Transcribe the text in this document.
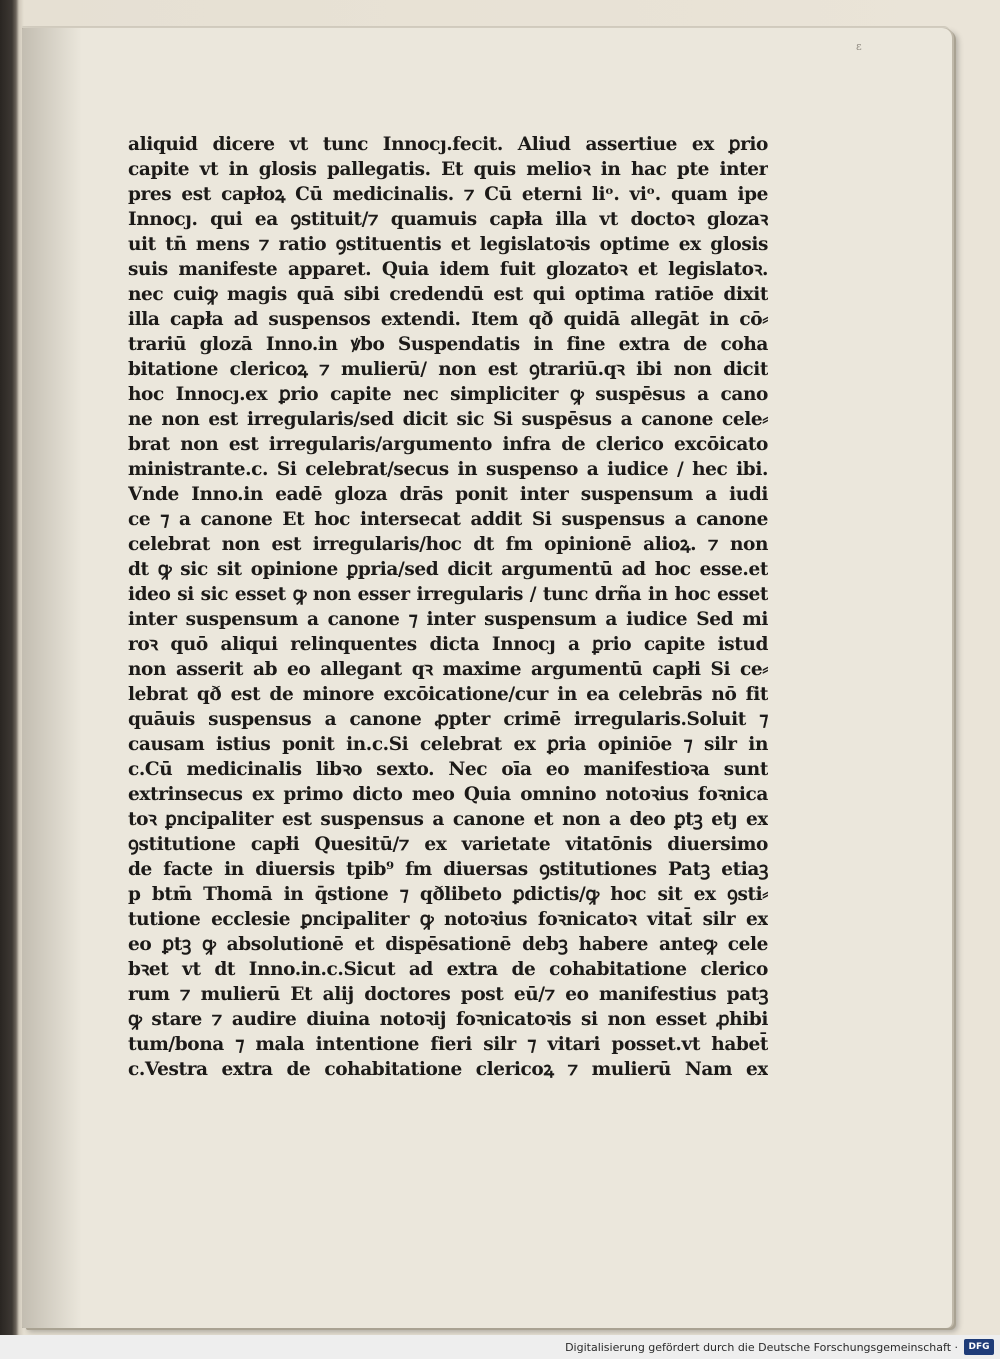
ε
aliquid dicere vt tunc Innocȷ.fecit. Aliud assertiue ex ꝑrio
capite vt in glosis pallegatis. Et quis melioꝛ in hac pte inter
pres est capłoꝝ Cū medicinalis. ⁊ Cū eterni liᵒ. viᵒ. quam ipe
Innocȷ. qui ea ꝯstituit/⁊ quamuis capła illa vt doctoꝛ glozaꝛ
uit tn̄ mens ⁊ ratio ꝯstituentis et legislatoꝛis optime ex glosis
suis manifeste apparet. Quia idem fuit glozatoꝛ et legislatoꝛ.
nec cuiꝙ magis quā sibi credendū est qui optima ratiōe dixit
illa capła ad suspensos extendi. Item qð quidā allegāt in cō⸗
trariū glozā Inno.in ꝟbo Suspendatis in fine extra de coha
bitatione clericoꝝ ⁊ mulierū/ non est ꝯtrariū.qꝛ ibi non dicit
hoc Innocȷ.ex ꝑrio capite nec simpliciter ꝙ suspēsus a cano
ne non est irregularis/sed dicit sic Si suspēsus a canone cele⸗
brat non est irregularis/argumento infra de clerico excōicato
ministrante.c. Si celebrat/secus in suspenso a iudice / hec ibi.
Vnde Inno.in eadē gloza drās ponit inter suspensum a iudi
ce ⁊ a canone Et hoc intersecat addit Si suspensus a canone
celebrat non est irregularis/hoc dt fm opinionē alioꝝ. ⁊ non
dt ꝙ sic sit opinione ꝑpria/sed dicit argumentū ad hoc esse.et
ideo si sic esset ꝙ non esser irregularis / tunc drña in hoc esset
inter suspensum a canone ⁊ inter suspensum a iudice Sed mi
roꝛ quō aliqui relinquentes dicta Innocȷ a ꝑrio capite istud
non asserit ab eo allegant qꝛ maxime argumentū capłi Si ce⸗
lebrat qð est de minore excōicatione/cur in ea celebrās nō fit
quāuis suspensus a canone ꝓpter crimē irregularis.Soluit ⁊
causam istius ponit in.c.Si celebrat ex ꝑria opiniōe ⁊ silr in
c.Cū medicinalis libꝛo sexto. Nec oīa eo manifestioꝛa sunt
extrinsecus ex primo dicto meo Quia omnino notoꝛius foꝛnica
toꝛ ꝑncipaliter est suspensus a canone et non a deo ꝑtꝫ etȷ ex
ꝯstitutione capłi Quesitū/⁊ ex varietate vitatōnis diuersimo
de facte in diuersis tpib⁹ fm diuersas ꝯstitutiones Patꝫ etiaꝫ
p btm̄ Thomā in q̄stione ⁊ qðlibeto ꝑdictis/ꝙ hoc sit ex ꝯsti⸗
tutione ecclesie ꝑncipaliter ꝙ notoꝛius foꝛnicatoꝛ vitat̄ silr ex
eo ꝑtꝫ ꝙ absolutionē et dispēsationē debꝫ habere anteꝙ cele
bꝛet vt dt Inno.in.c.Sicut ad extra de cohabitatione clerico
rum ⁊ mulierū Et alij doctores post eū/⁊ eo manifestius patꝫ
ꝙ stare ⁊ audire diuina notoꝛij foꝛnicatoꝛis si non esset ꝓhibi
tum/bona ⁊ mala intentione fieri silr ⁊ vitari posset.vt habet̄
c.Vestra extra de cohabitatione clericoꝝ ⁊ mulierū Nam ex
Digitalisierung gefördert durch die Deutsche Forschungsgemeinschaft ·	DFG
